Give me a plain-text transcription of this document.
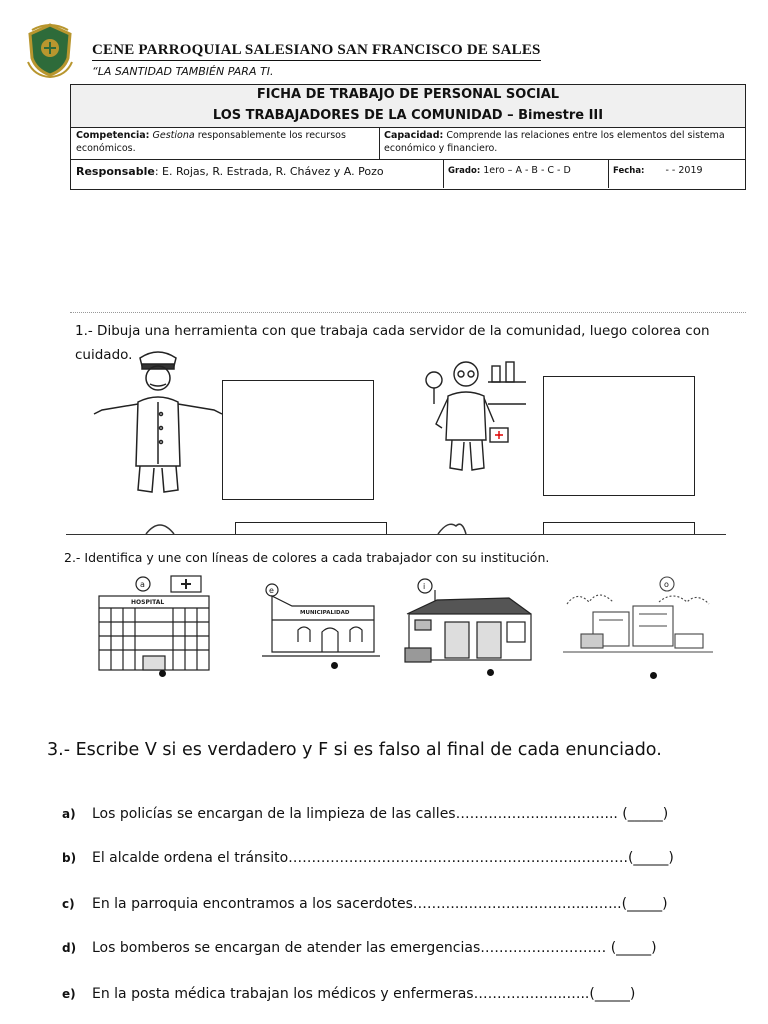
CENE PARROQUIAL SALESIANO SAN FRANCISCO DE SALES
“LA SANTIDAD TAMBIÉN PARA TI.
FICHA DE TRABAJO DE PERSONAL SOCIAL
LOS TRABAJADORES DE LA COMUNIDAD – Bimestre III
Competencia: Gestiona responsablemente los recursos económicos.
Capacidad: Comprende las relaciones entre los elementos del sistema económico y financiero.
Responsable: E. Rojas, R. Estrada, R. Chávez y A. Pozo	Grado: 1ero – A - B - C - D	Fecha: - - 2019
1.- Dibuja una herramienta con que trabaja cada servidor de la comunidad, luego colorea con cuidado.
2.- Identifica y une con líneas de colores a cada trabajador con su institución.
a
HOSPITAL
e
MUNICIPALIDAD
i	o
3.- Escribe V si es verdadero y F si es falso al final de cada enunciado.
a) Los policías se encargan de la limpieza de las calles……………….…….……... (_____)
b) El alcalde ordena el tránsito………………………………………………….…..……….(_____)
c) En la parroquia encontramos a los sacerdotes………..……………………..……..(_____)
d) Los bomberos se encargan de atender las emergencias……………………… (_____)
e) En la posta médica trabajan los médicos y enfermeras………………..…..(_____)
